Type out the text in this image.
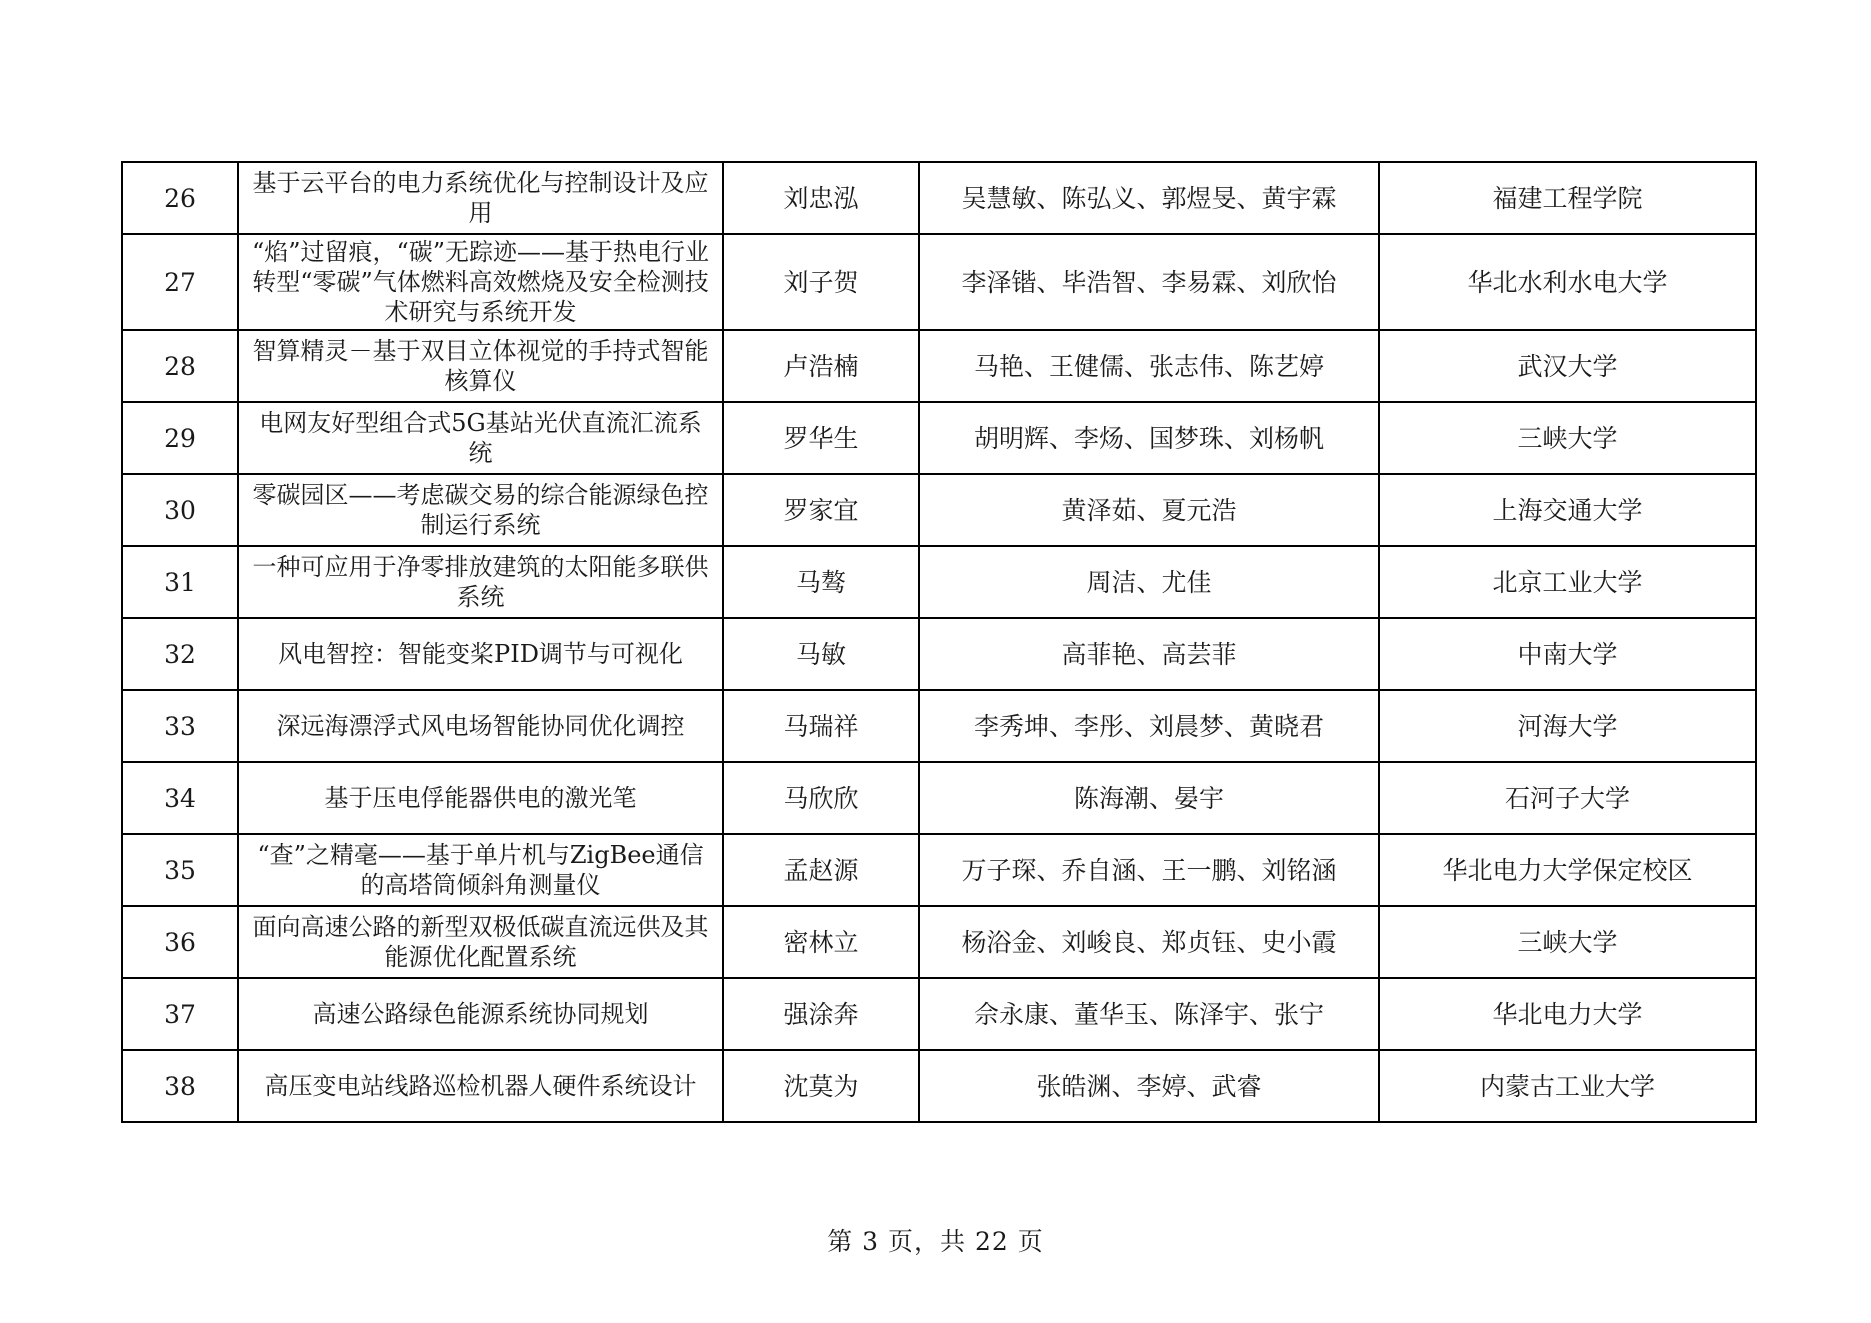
26	基于云平台的电力系统优化与控制设计及应用	刘忠泓	吴慧敏、陈弘义、郭煜旻、黄宇霖	福建工程学院
27	“焰”过留痕，“碳”无踪迹——基于热电行业转型“零碳”气体燃料高效燃烧及安全检测技术研究与系统开发	刘子贺	李泽锴、毕浩智、李易霖、刘欣怡	华北水利水电大学
28	智算精灵－基于双目立体视觉的手持式智能核算仪	卢浩楠	马艳、王健儒、张志伟、陈艺婷	武汉大学
29	电网友好型组合式5G基站光伏直流汇流系统	罗华生	胡明辉、李炀、国梦珠、刘杨帆	三峡大学
30	零碳园区——考虑碳交易的综合能源绿色控制运行系统	罗家宜	黄泽茹、夏元浩	上海交通大学
31	一种可应用于净零排放建筑的太阳能多联供系统	马骜	周洁、尤佳	北京工业大学
32	风电智控：智能变桨PID调节与可视化	马敏	高菲艳、高芸菲	中南大学
33	深远海漂浮式风电场智能协同优化调控	马瑞祥	李秀坤、李彤、刘晨梦、黄晓君	河海大学
34	基于压电俘能器供电的激光笔	马欣欣	陈海潮、晏宇	石河子大学
35	“查”之精毫——基于单片机与ZigBee通信的高塔筒倾斜角测量仪	孟赵源	万子琛、乔自涵、王一鹏、刘铭涵	华北电力大学保定校区
36	面向高速公路的新型双极低碳直流远供及其能源优化配置系统	密林立	杨浴金、刘峻良、郑贞钰、史小霞	三峡大学
37	高速公路绿色能源系统协同规划	强涂奔	佘永康、董华玉、陈泽宇、张宁	华北电力大学
38	高压变电站线路巡检机器人硬件系统设计	沈莫为	张皓渊、李婷、武睿	内蒙古工业大学
第 3 页，共 22 页
